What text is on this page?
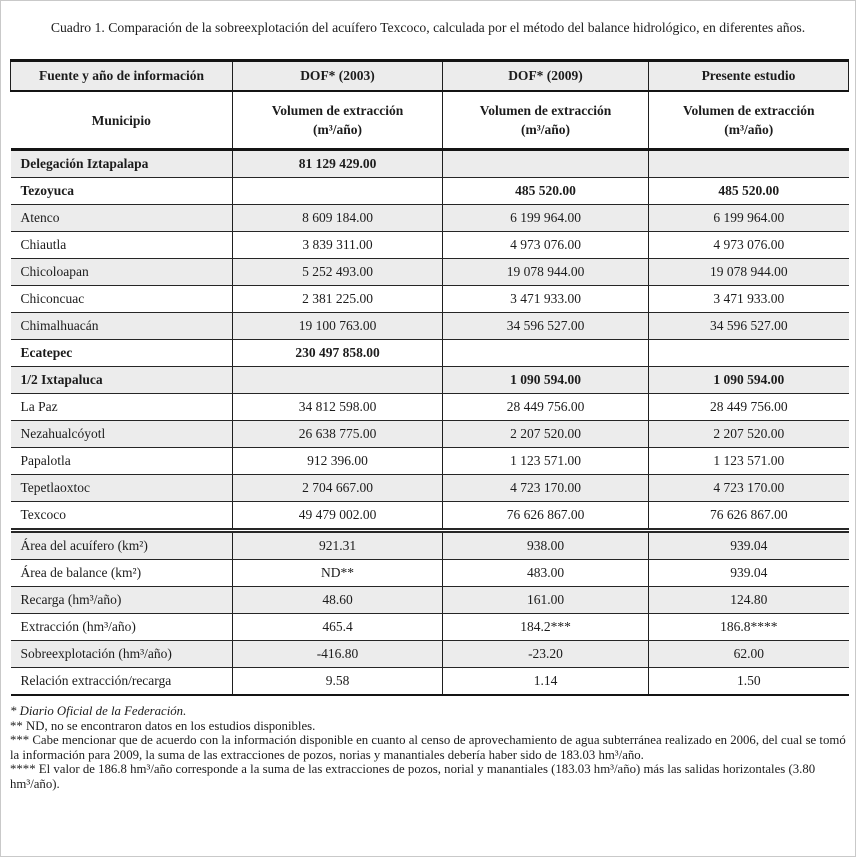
Cuadro 1. Comparación de la sobreexplotación del acuífero Texcoco, calculada por el método del balance hidrológico, en diferentes años.
Fuente y año de información	DOF* (2003)	DOF* (2009)	Presente estudio
Municipio	Volumen de extracción (m³/año)	Volumen de extracción (m³/año)	Volumen de extracción (m³/año)
Delegación Iztapalapa	81 129 429.00		
Tezoyuca		485 520.00	485 520.00
Atenco	8 609 184.00	6 199 964.00	6 199 964.00
Chiautla	3 839 311.00	4 973 076.00	4 973 076.00
Chicoloapan	5 252 493.00	19 078 944.00	19 078 944.00
Chiconcuac	2 381 225.00	3 471 933.00	3 471 933.00
Chimalhuacán	19 100 763.00	34 596 527.00	34 596 527.00
Ecatepec	230 497 858.00		
1/2 Ixtapaluca		1 090 594.00	1 090 594.00
La Paz	34 812 598.00	28 449 756.00	28 449 756.00
Nezahualcóyotl	26 638 775.00	2 207 520.00	2 207 520.00
Papalotla	912 396.00	1 123 571.00	1 123 571.00
Tepetlaoxtoc	2 704 667.00	4 723 170.00	4 723 170.00
Texcoco	49 479 002.00	76 626 867.00	76 626 867.00
Área del acuífero (km²)	921.31	938.00	939.04
Área de balance (km²)	ND**	483.00	939.04
Recarga (hm³/año)	48.60	161.00	124.80
Extracción (hm³/año)	465.4	184.2***	186.8****
Sobreexplotación (hm³/año)	-416.80	-23.20	62.00
Relación extracción/recarga	9.58	1.14	1.50

* Diario Oficial de la Federación.

** ND, no se encontraron datos en los estudios disponibles.

*** Cabe mencionar que de acuerdo con la información disponible en cuanto al censo de aprovechamiento de agua subterránea realizado en 2006, del cual se tomó la información para 2009, la suma de las extracciones de pozos, norias y manantiales debería haber sido de 183.03 hm³/año.

**** El valor de 186.8 hm³/año corresponde a la suma de las extracciones de pozos, norial y manantiales (183.03 hm³/año) más las salidas horizontales (3.80 hm³/año).
